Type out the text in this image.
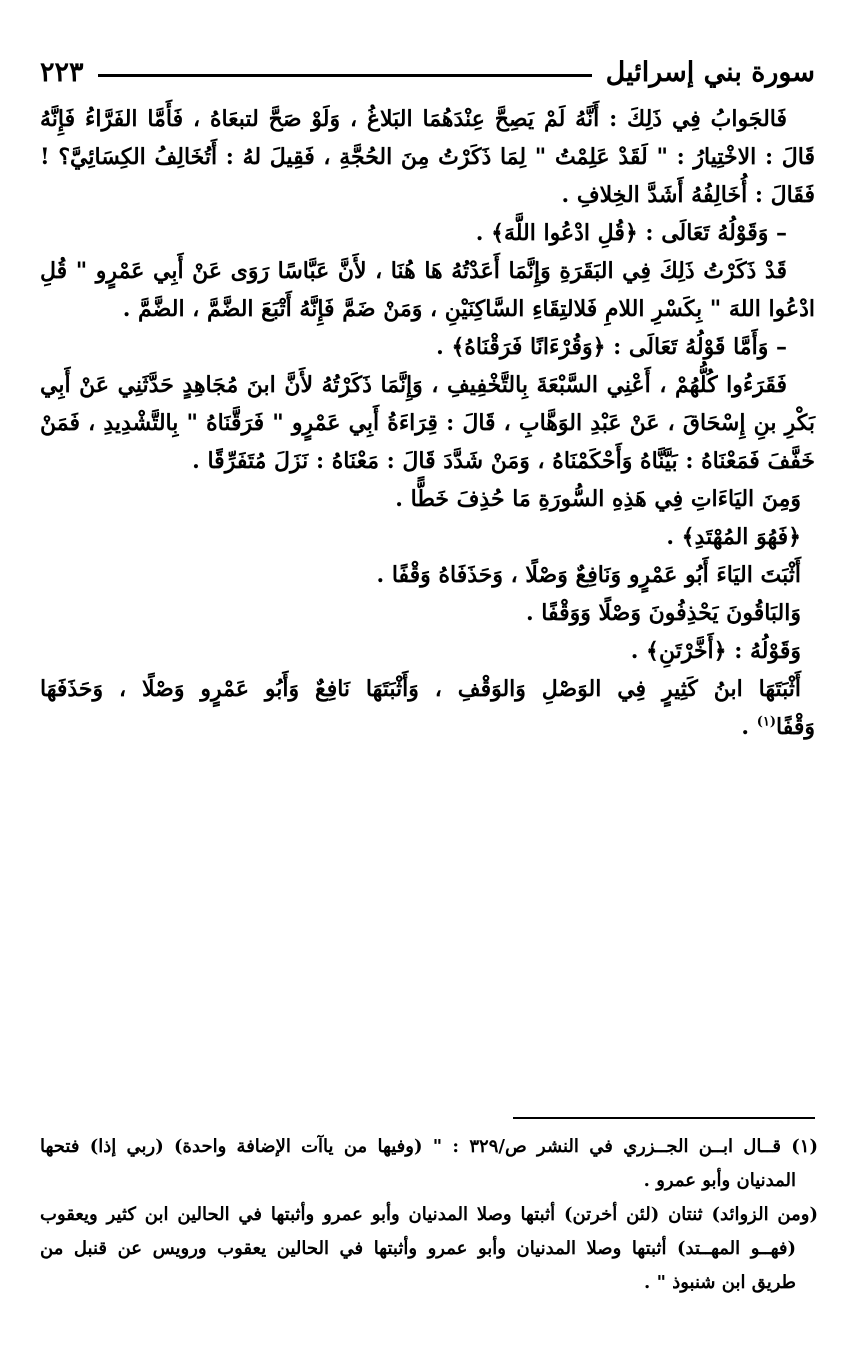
سورة بني إسرائيل
٢٢٣

فَالجَوابُ فِي ذَلِكَ : أَنَّهُ لَمْ يَصِحَّ عِنْدَهُمَا البَلاغُ ، وَلَوْ صَحَّ لتبعَاهُ ، فَأَمَّا الفَرَّاءُ فَإِنَّهُ

قَالَ : الاخْتِيارُ : " لَقَدْ عَلِمْتُ " لِمَا ذَكَرْتُ مِنَ الحُجَّةِ ، فَقِيلَ لهُ : أَتُخَالِفُ الكِسَائِيَّ؟ !

فَقَالَ : أُخَالِفُهُ أَشَدَّ الخِلافِ .

– وَقَوْلُهُ تَعَالَى : ﴿قُلِ ادْعُوا اللَّهَ﴾ .

قَدْ ذَكَرْتُ ذَلِكَ فِي البَقَرَةِ وَإِنَّمَا أَعَدْتُهُ هَا هُنَا ، لأَنَّ عَبَّاسًا رَوَى عَنْ أَبِي عَمْرٍو " قُلِ

ادْعُوا اللهَ " بِكَسْرِ اللامِ فَلالتِقَاءِ السَّاكِنَيْنِ ، وَمَنْ ضَمَّ فَإِنَّهُ أَتْبَعَ الضَّمَّ ، الضَّمَّ .

– وَأَمَّا قَوْلُهُ تَعَالَى : ﴿وَقُرْءَانًا فَرَقْنَاهُ﴾ .

فَقَرَءُوا كُلُّهُمْ ، أَعْنِي السَّبْعَةَ بِالتَّخْفِيفِ ، وَإِنَّمَا ذَكَرْتُهُ لأَنَّ ابنَ مُجَاهِدٍ حَدَّثَنِي عَنْ أَبِي

بَكْرِ بنِ إِسْحَاقَ ، عَنْ عَبْدِ الوَهَّابِ ، قَالَ : قِرَاءَةُ أَبِي عَمْرٍو " فَرَقَّنَاهُ " بِالتَّشْدِيدِ ، فَمَنْ

خَفَّفَ فَمَعْنَاهُ : بَيَّنَّاهُ وَأَحْكَمْنَاهُ ، وَمَنْ شَدَّدَ قَالَ : مَعْنَاهُ : نَزَلَ مُتَفَرِّقًا .

وَمِنَ اليَاءَاتِ فِي هَذِهِ السُّورَةِ مَا حُذِفَ خَطًّا .

﴿فَهُوَ المُهْتَدِ﴾ .

أَثْبَتَ اليَاءَ أَبُو عَمْرٍو وَنَافِعٌ وَصْلًا ، وَحَذَفَاهُ وَقْفًا .

وَالبَاقُونَ يَحْذِفُونَ وَصْلًا وَوَقْفًا .

وَقَوْلُهُ : ﴿أَخَّرْتَنِ﴾ .

أَثْبَتَهَا ابنُ كَثِيرٍ فِي الوَصْلِ وَالوَقْفِ ، وَأَثْبَتَهَا نَافِعٌ وَأَبُو عَمْرٍو وَصْلًا ، وَحَذَفَهَا

وَقْفًا$^{(١)}$ .

(١) قــال ابــن الجــزري في النشر ص/٣٢٩ : " (وفيها من ياآت الإضافة واحدة) (ربي إذا) فتحها

المدنيان وأبو عمرو .

(ومن الزوائد) ثنتان (لئن أخرتن) أثبتها وصلا المدنيان وأبو عمرو وأثبتها في الحالين ابن كثير ويعقوب

(فهــو المهــتد) أثبتها وصلا المدنيان وأبو عمرو وأثبتها في الحالين يعقوب ورويس عن قنبل من

طريق ابن شنبوذ " .
